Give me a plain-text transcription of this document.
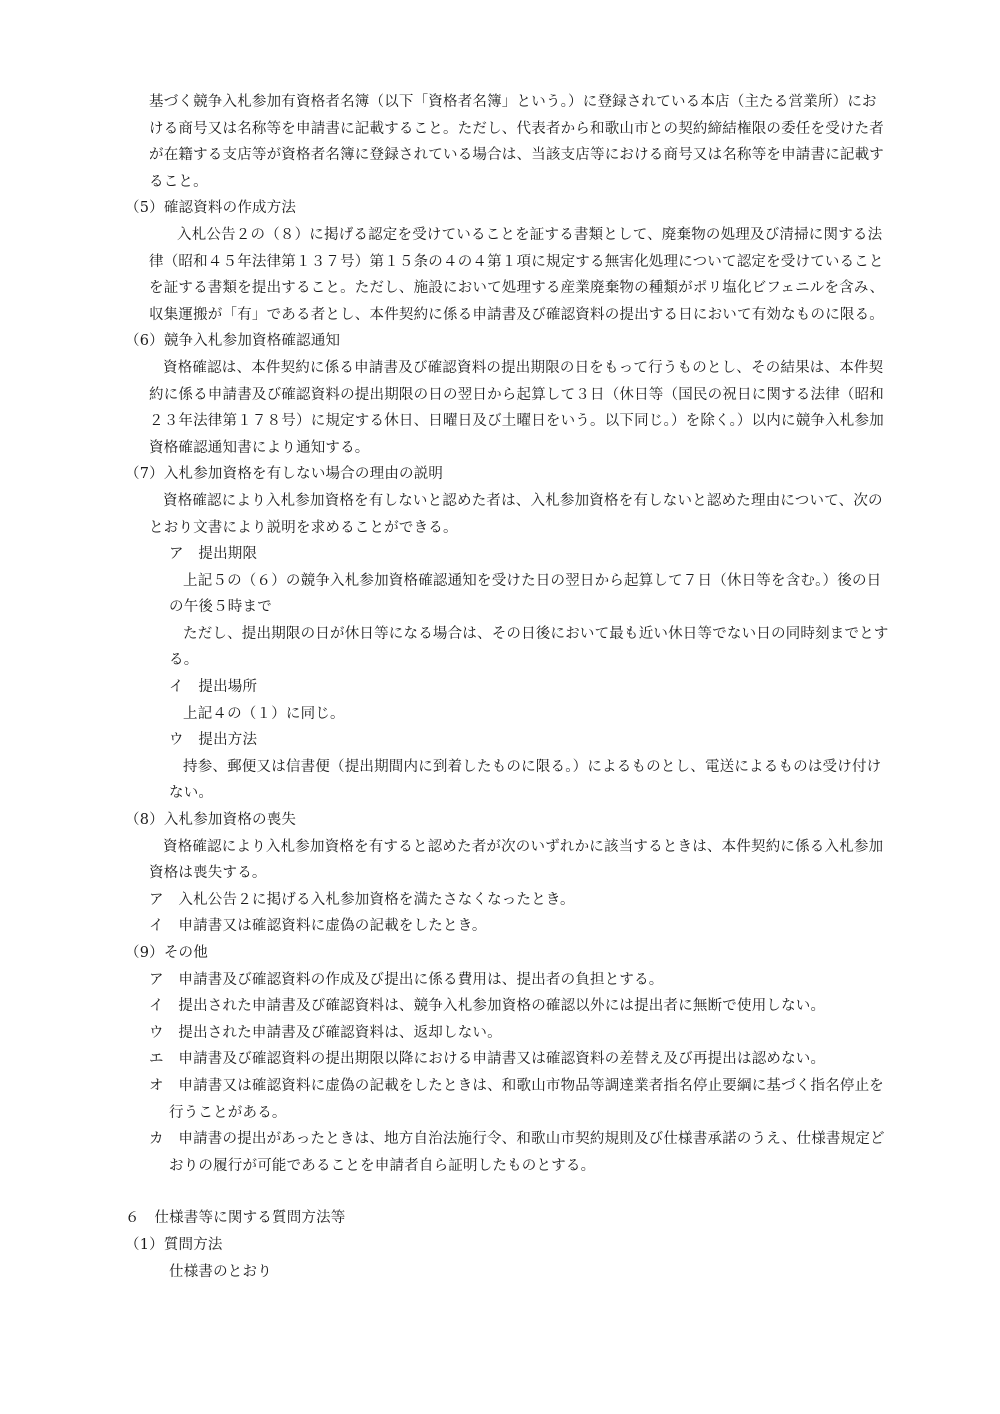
基づく競争入札参加有資格者名簿（以下「資格者名簿」という。）に登録されている本店（主たる営業所）における商号又は名称等を申請書に記載すること。ただし、代表者から和歌山市との契約締結権限の委任を受けた者が在籍する支店等が資格者名簿に登録されている場合は、当該支店等における商号又は名称等を申請書に記載すること。

（5）確認資料の作成方法

入札公告２の（８）に掲げる認定を受けていることを証する書類として、廃棄物の処理及び清掃に関する法律（昭和４５年法律第１３７号）第１５条の４の４第１項に規定する無害化処理について認定を受けていることを証する書類を提出すること。ただし、施設において処理する産業廃棄物の種類がポリ塩化ビフェニルを含み、収集運搬が「有」である者とし、本件契約に係る申請書及び確認資料の提出する日において有効なものに限る。

（6）競争入札参加資格確認通知

資格確認は、本件契約に係る申請書及び確認資料の提出期限の日をもって行うものとし、その結果は、本件契約に係る申請書及び確認資料の提出期限の日の翌日から起算して３日（休日等（国民の祝日に関する法律（昭和２３年法律第１７８号）に規定する休日、日曜日及び土曜日をいう。以下同じ。）を除く。）以内に競争入札参加資格確認通知書により通知する。

（7）入札参加資格を有しない場合の理由の説明

資格確認により入札参加資格を有しないと認めた者は、入札参加資格を有しないと認めた理由について、次のとおり文書により説明を求めることができる。

ア　提出期限

上記５の（６）の競争入札参加資格確認通知を受けた日の翌日から起算して７日（休日等を含む。）後の日の午後５時まで

ただし、提出期限の日が休日等になる場合は、その日後において最も近い休日等でない日の同時刻までとする。

イ　提出場所

上記４の（１）に同じ。

ウ　提出方法

持参、郵便又は信書便（提出期間内に到着したものに限る。）によるものとし、電送によるものは受け付けない。

（8）入札参加資格の喪失

資格確認により入札参加資格を有すると認めた者が次のいずれかに該当するときは、本件契約に係る入札参加資格は喪失する。

ア　入札公告２に掲げる入札参加資格を満たさなくなったとき。

イ　申請書又は確認資料に虚偽の記載をしたとき。

（9）その他

ア　申請書及び確認資料の作成及び提出に係る費用は、提出者の負担とする。

イ　提出された申請書及び確認資料は、競争入札参加資格の確認以外には提出者に無断で使用しない。

ウ　提出された申請書及び確認資料は、返却しない。

エ　申請書及び確認資料の提出期限以降における申請書又は確認資料の差替え及び再提出は認めない。

オ　申請書又は確認資料に虚偽の記載をしたときは、和歌山市物品等調達業者指名停止要綱に基づく指名停止を行うことがある。

カ　申請書の提出があったときは、地方自治法施行令、和歌山市契約規則及び仕様書承諾のうえ、仕様書規定どおりの履行が可能であることを申請者自ら証明したものとする。

６　仕様書等に関する質問方法等

（1）質問方法

仕様書のとおり
